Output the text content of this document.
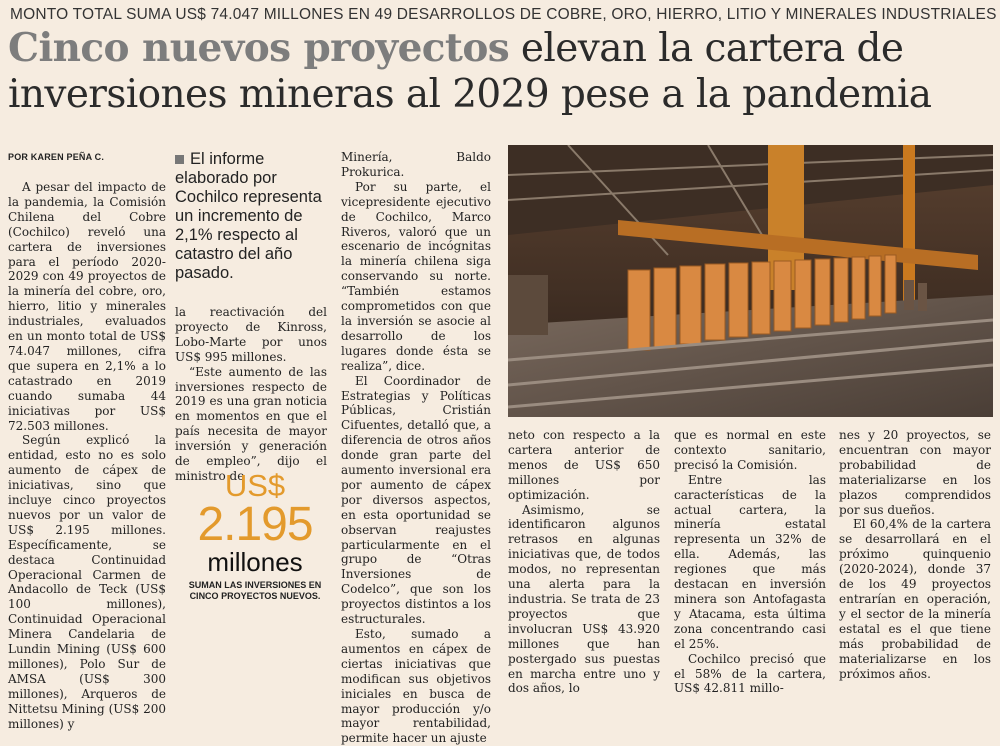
MONTO TOTAL SUMA US$ 74.047 MILLONES EN 49 DESARROLLOS DE COBRE, ORO, HIERRO, LITIO Y MINERALES INDUSTRIALES
Cinco nuevos proyectos elevan la cartera de inversiones mineras al 2029 pese a la pandemia
POR KAREN PEÑA C.

A pesar del impacto de la pandemia, la Comisión Chilena del Cobre (Cochilco) reveló una cartera de inversiones para el período 2020-2029 con 49 proyectos de la minería del cobre, oro, hierro, litio y minerales industriales, evaluados en un monto total de US$ 74.047 millones, cifra que supera en 2,1% a lo catastrado en 2019 cuando sumaba 44 iniciativas por US$ 72.503 millones.

Según explicó la entidad, esto no es solo aumento de cápex de iniciativas, sino que incluye cinco proyectos nuevos por un valor de US$ 2.195 millones. Específicamente, se destaca Continuidad Operacional Carmen de Andacollo de Teck (US$ 100 millones), Continuidad Operacional Minera Candelaria de Lundin Mining (US$ 600 millones), Polo Sur de AMSA (US$ 300 millones), Arqueros de Nittetsu Mining (US$ 200 millones) y

El informe elaborado por Cochilco representa un incremento de 2,1% respecto al catastro del año pasado.

la reactivación del proyecto de Kinross, Lobo-Marte por unos US$ 995 millones.

“Este aumento de las inversiones respecto de 2019 es una gran noticia en momentos en que el país necesita de mayor inversión y generación de empleo”, dijo el ministro de

US$
2.195
millones
SUMAN LAS INVERSIONES EN CINCO PROYECTOS NUEVOS.

Minería, Baldo Prokurica.

Por su parte, el vicepresidente ejecutivo de Cochilco, Marco Riveros, valoró que un escenario de incógnitas la minería chilena siga conservando su norte. “También estamos comprometidos con que la inversión se asocie al desarrollo de los lugares donde ésta se realiza”, dice.

El Coordinador de Estrategias y Políticas Públicas, Cristián Cifuentes, detalló que, a diferencia de otros años donde gran parte del aumento inversional era por aumento de cápex por diversos aspectos, en esta oportunidad se observan reajustes particularmente en el grupo de “Otras Inversiones de Codelco”, que son los proyectos distintos a los estructurales.

Esto, sumado a aumentos en cápex de ciertas iniciativas que modifican sus objetivos iniciales en busca de mayor producción y/o mayor rentabilidad, permite hacer un ajuste

neto con respecto a la cartera anterior de menos de US$ 650 millones por optimización.

Asimismo, se identificaron algunos retrasos en algunas iniciativas que, de todos modos, no representan una alerta para la industria. Se trata de 23 proyectos que involucran US$ 43.920 millones que han postergado sus puestas en marcha entre uno y dos años, lo

que es normal en este contexto sanitario, precisó la Comisión.

Entre las características de la actual cartera, la minería estatal representa un 32% de ella. Además, las regiones que más destacan en inversión minera son Antofagasta y Atacama, esta última zona concentrando casi el 25%.

Cochilco precisó que el 58% de la cartera, US$ 42.811 millo-

nes y 20 proyectos, se encuentran con mayor probabilidad de materializarse en los plazos comprendidos por sus dueños.

El 60,4% de la cartera se desarrollará en el próximo quinquenio (2020-2024), donde 37 de los 49 proyectos entrarían en operación, y el sector de la minería estatal es el que tiene más probabilidad de materializarse en los próximos años.
